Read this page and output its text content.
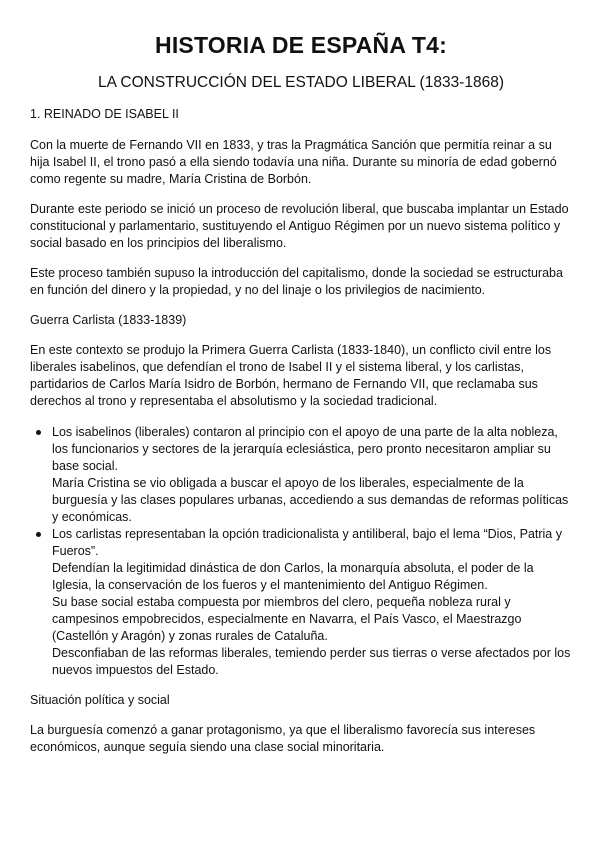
HISTORIA DE ESPAÑA T4:
LA CONSTRUCCIÓN DEL ESTADO LIBERAL (1833-1868)

1. REINADO DE ISABEL II

Con la muerte de Fernando VII en 1833, y tras la Pragmática Sanción que permitía reinar a su hija Isabel II, el trono pasó a ella siendo todavía una niña. Durante su minoría de edad gobernó como regente su madre, María Cristina de Borbón.

Durante este periodo se inició un proceso de revolución liberal, que buscaba implantar un Estado constitucional y parlamentario, sustituyendo el Antiguo Régimen por un nuevo sistema político y social basado en los principios del liberalismo.

Este proceso también supuso la introducción del capitalismo, donde la sociedad se estructuraba en función del dinero y la propiedad, y no del linaje o los privilegios de nacimiento.

Guerra Carlista (1833-1839)

En este contexto se produjo la Primera Guerra Carlista (1833-1840), un conflicto civil entre los liberales isabelinos, que defendían el trono de Isabel II y el sistema liberal, y los carlistas, partidarios de Carlos María Isidro de Borbón, hermano de Fernando VII, que reclamaba sus derechos al trono y representaba el absolutismo y la sociedad tradicional.

Los isabelinos (liberales) contaron al principio con el apoyo de una parte de la alta nobleza, los funcionarios y sectores de la jerarquía eclesiástica, pero pronto necesitaron ampliar su base social.

María Cristina se vio obligada a buscar el apoyo de los liberales, especialmente de la burguesía y las clases populares urbanas, accediendo a sus demandas de reformas políticas y económicas.

Los carlistas representaban la opción tradicionalista y antiliberal, bajo el lema “Dios, Patria y Fueros”.

Defendían la legitimidad dinástica de don Carlos, la monarquía absoluta, el poder de la Iglesia, la conservación de los fueros y el mantenimiento del Antiguo Régimen.

Su base social estaba compuesta por miembros del clero, pequeña nobleza rural y campesinos empobrecidos, especialmente en Navarra, el País Vasco, el Maestrazgo (Castellón y Aragón) y zonas rurales de Cataluña.

Desconfiaban de las reformas liberales, temiendo perder sus tierras o verse afectados por los nuevos impuestos del Estado.

Situación política y social

La burguesía comenzó a ganar protagonismo, ya que el liberalismo favorecía sus intereses económicos, aunque seguía siendo una clase social minoritaria.
